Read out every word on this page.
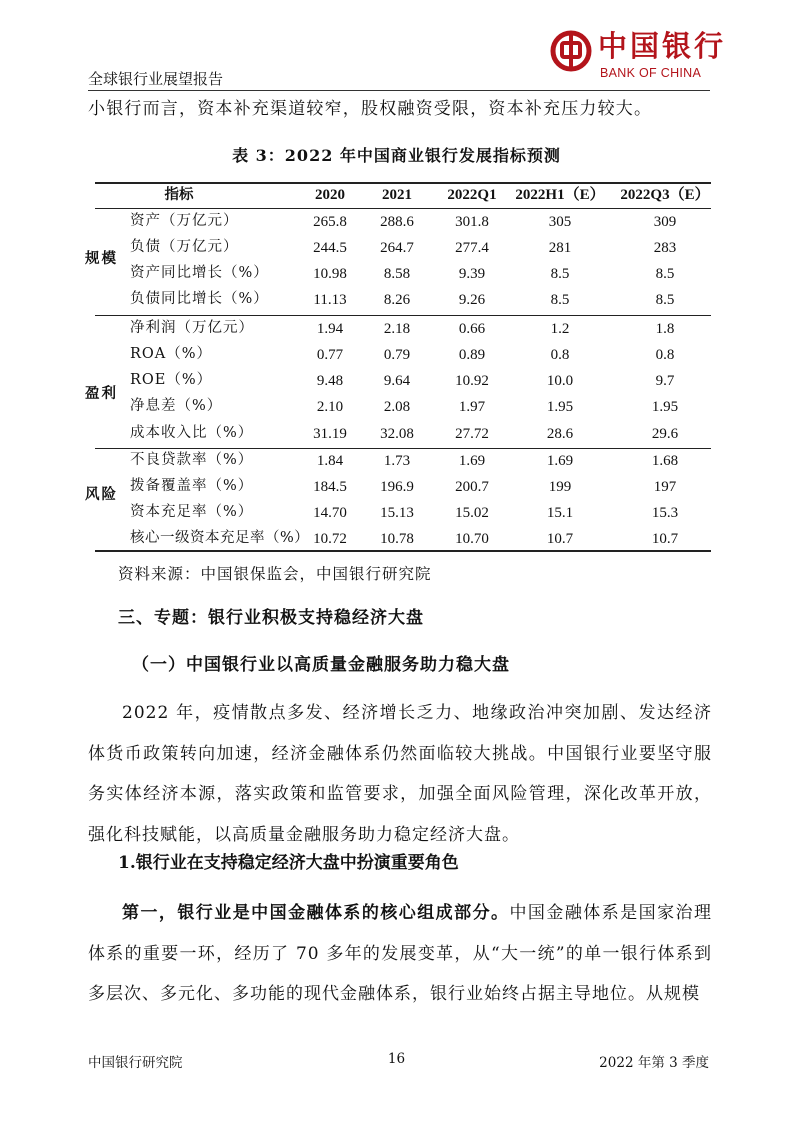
全球银行业展望报告
中国银行
BANK OF CHINA
小银行而言，资本补充渠道较窄，股权融资受限，资本补充压力较大。
表 3：2022 年中国商业银行发展指标预测
指标	2020	2021	2022Q1	2022H1（E）	2022Q3（E）
规模
资产（万亿元）	265.8	288.6	301.8	305	309
负债（万亿元）	244.5	264.7	277.4	281	283
资产同比增长（%）	10.98	8.58	9.39	8.5	8.5
负债同比增长（%）	11.13	8.26	9.26	8.5	8.5
盈利
净利润（万亿元）	1.94	2.18	0.66	1.2	1.8
ROA（%）	0.77	0.79	0.89	0.8	0.8
ROE（%）	9.48	9.64	10.92	10.0	9.7
净息差（%）	2.10	2.08	1.97	1.95	1.95
成本收入比（%）	31.19	32.08	27.72	28.6	29.6
风险
不良贷款率（%）	1.84	1.73	1.69	1.69	1.68
拨备覆盖率（%）	184.5	196.9	200.7	199	197
资本充足率（%）	14.70	15.13	15.02	15.1	15.3
核心一级资本充足率（%） 10.72	10.78	10.70	10.7	10.7
资料来源：中国银保监会，中国银行研究院
三、专题：银行业积极支持稳经济大盘
（一）中国银行业以高质量金融服务助力稳大盘
2022 年，疫情散点多发、经济增长乏力、地缘政治冲突加剧、发达经济体货币政策转向加速，经济金融体系仍然面临较大挑战。中国银行业要坚守服务实体经济本源，落实政策和监管要求，加强全面风险管理，深化改革开放，强化科技赋能，以高质量金融服务助力稳定经济大盘。
1.银行业在支持稳定经济大盘中扮演重要角色
第一，银行业是中国金融体系的核心组成部分。中国金融体系是国家治理体系的重要一环，经历了 70 多年的发展变革，从“大一统”的单一银行体系到多层次、多元化、多功能的现代金融体系，银行业始终占据主导地位。从规模
中国银行研究院	16	2022 年第 3 季度
